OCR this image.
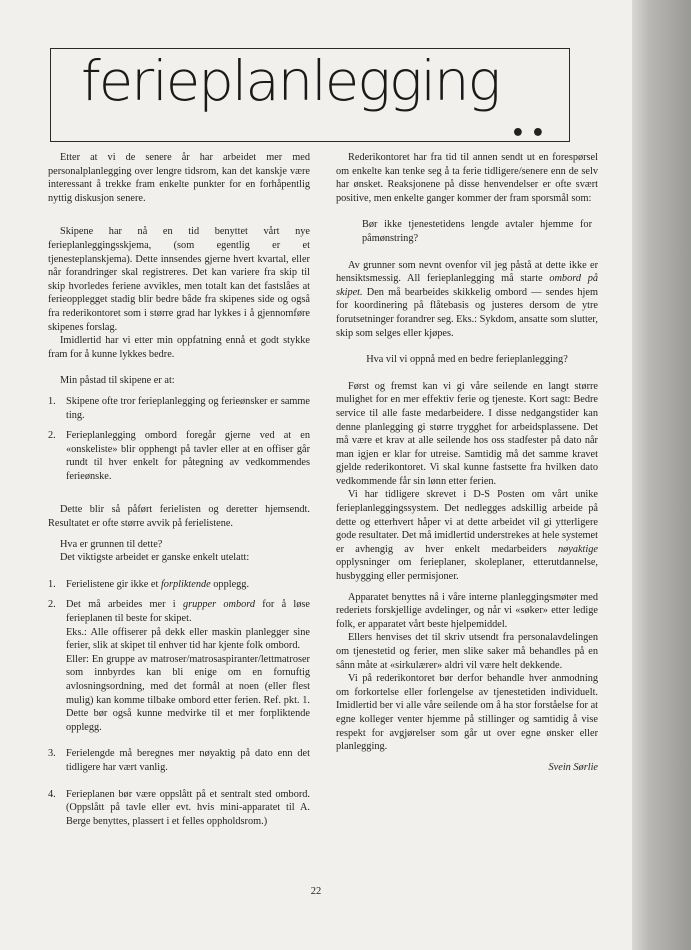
ferieplanlegging
••

Etter at vi de senere år har arbeidet mer med personalplanlegging over lengre tidsrom, kan det kanskje være interessant å trekke fram enkelte punkter for en forhåpentlig nyttig diskusjon senere.

Skipene har nå en tid benyttet vårt nye ferieplanleggingsskjema, (som egentlig er et tjenesteplanskjema). Dette innsendes gjerne hvert kvartal, eller når forandringer skal registreres. Det kan variere fra skip til skip hvorledes feriene avvikles, men totalt kan det fastslåes at ferieopplegget stadig blir bedre både fra skipenes side og også fra rederikontoret som i større grad har lykkes i å gjennomføre skipenes forslag.

Imidlertid har vi etter min oppfatning ennå et godt stykke fram for å kunne lykkes bedre.

Min påstad til skipene er at:

1. Skipene ofte tror ferieplanlegging og ferieønsker er samme ting.
2. Ferieplanlegging ombord foregår gjerne ved at en «onskeliste» blir opphengt på tavler eller at en offiser går rundt til hver enkelt for påtegning av vedkommendes ferieønske.

Dette blir så påført ferielisten og deretter hjemsendt. Resultatet er ofte større avvik på ferielistene.

Hva er grunnen til dette?

Det viktigste arbeidet er ganske enkelt utelatt:

1. Ferielistene gir ikke et forpliktende opplegg.
2. Det må arbeides mer i grupper ombord for å løse ferieplanen til beste for skipet.

Eks.: Alle offiserer på dekk eller maskin planlegger sine ferier, slik at skipet til enhver tid har kjente folk ombord.

Eller: En gruppe av matroser/matrosaspiranter/lettmatroser som innbyrdes kan bli enige om en fornuftig avlosningsordning, med det formål at noen (eller flest mulig) kan komme tilbake ombord etter ferien. Ref. pkt. 1. Dette bør også kunne medvirke til et mer forpliktende opplegg.

3. Ferielengde må beregnes mer nøyaktig på dato enn det tidligere har vært vanlig.
4. Ferieplanen bør være oppslått på et sentralt sted ombord. (Oppslått på tavle eller evt. hvis mini-apparatet til A. Berge benyttes, plassert i et felles oppholdsrom.)

Rederikontoret har fra tid til annen sendt ut en forespørsel om enkelte kan tenke seg å ta ferie tidligere/senere enn de selv har ønsket. Reaksjonene på disse henvendelser er ofte svært positive, men enkelte ganger kommer der fram sporsmål som:

Bør ikke tjenestetidens lengde avtaler hjemme for påmønstring?

Av grunner som nevnt ovenfor vil jeg påstå at dette ikke er hensiktsmessig. All ferieplanlegging må starte ombord på skipet. Den må bearbeides skikkelig ombord — sendes hjem for koordinering på flåtebasis og justeres dersom de ytre forutsetninger forandrer seg. Eks.: Sykdom, ansatte som slutter, skip som selges eller kjøpes.

Hva vil vi oppnå med en bedre ferieplanlegging?

Først og fremst kan vi gi våre seilende en langt større mulighet for en mer effektiv ferie og tjeneste. Kort sagt: Bedre service til alle faste medarbeidere. I disse nedgangstider kan denne planlegging gi større trygghet for arbeidsplassene. Det må være et krav at alle seilende hos oss stadfester på dato når man igjen er klar for utreise. Samtidig må det samme kravet gjelde rederikontoret. Vi skal kunne fastsette fra hvilken dato vedkommende får sin lønn etter ferien.

Vi har tidligere skrevet i D-S Posten om vårt unike ferieplanleggingssystem. Det nedlegges adskillig arbeide på dette og etterhvert håper vi at dette arbeidet vil gi ytterligere gode resultater. Det må imidlertid understrekes at hele systemet er avhengig av hver enkelt medarbeiders nøyaktige opplysninger om ferieplaner, skoleplaner, etterutdannelse, husbygging eller permisjoner.

Apparatet benyttes nå i våre interne planleggingsmøter med rederiets forskjellige avdelinger, og når vi «søker» etter ledige folk, er apparatet vårt beste hjelpemiddel.

Ellers henvises det til skriv utsendt fra personalavdelingen om tjenestetid og ferier, men slike saker må behandles på en sånn måte at «sirkulærer» aldri vil være helt dekkende.

Vi på rederikontoret bør derfor behandle hver anmodning om forkortelse eller forlengelse av tjenestetiden individuelt. Imidlertid ber vi alle våre seilende om å ha stor forståelse for at egne kolleger venter hjemme på stillinger og samtidig å vise respekt for avgjørelser som går ut over egne ønsker eller planlegging.

Svein Sørlie

22
